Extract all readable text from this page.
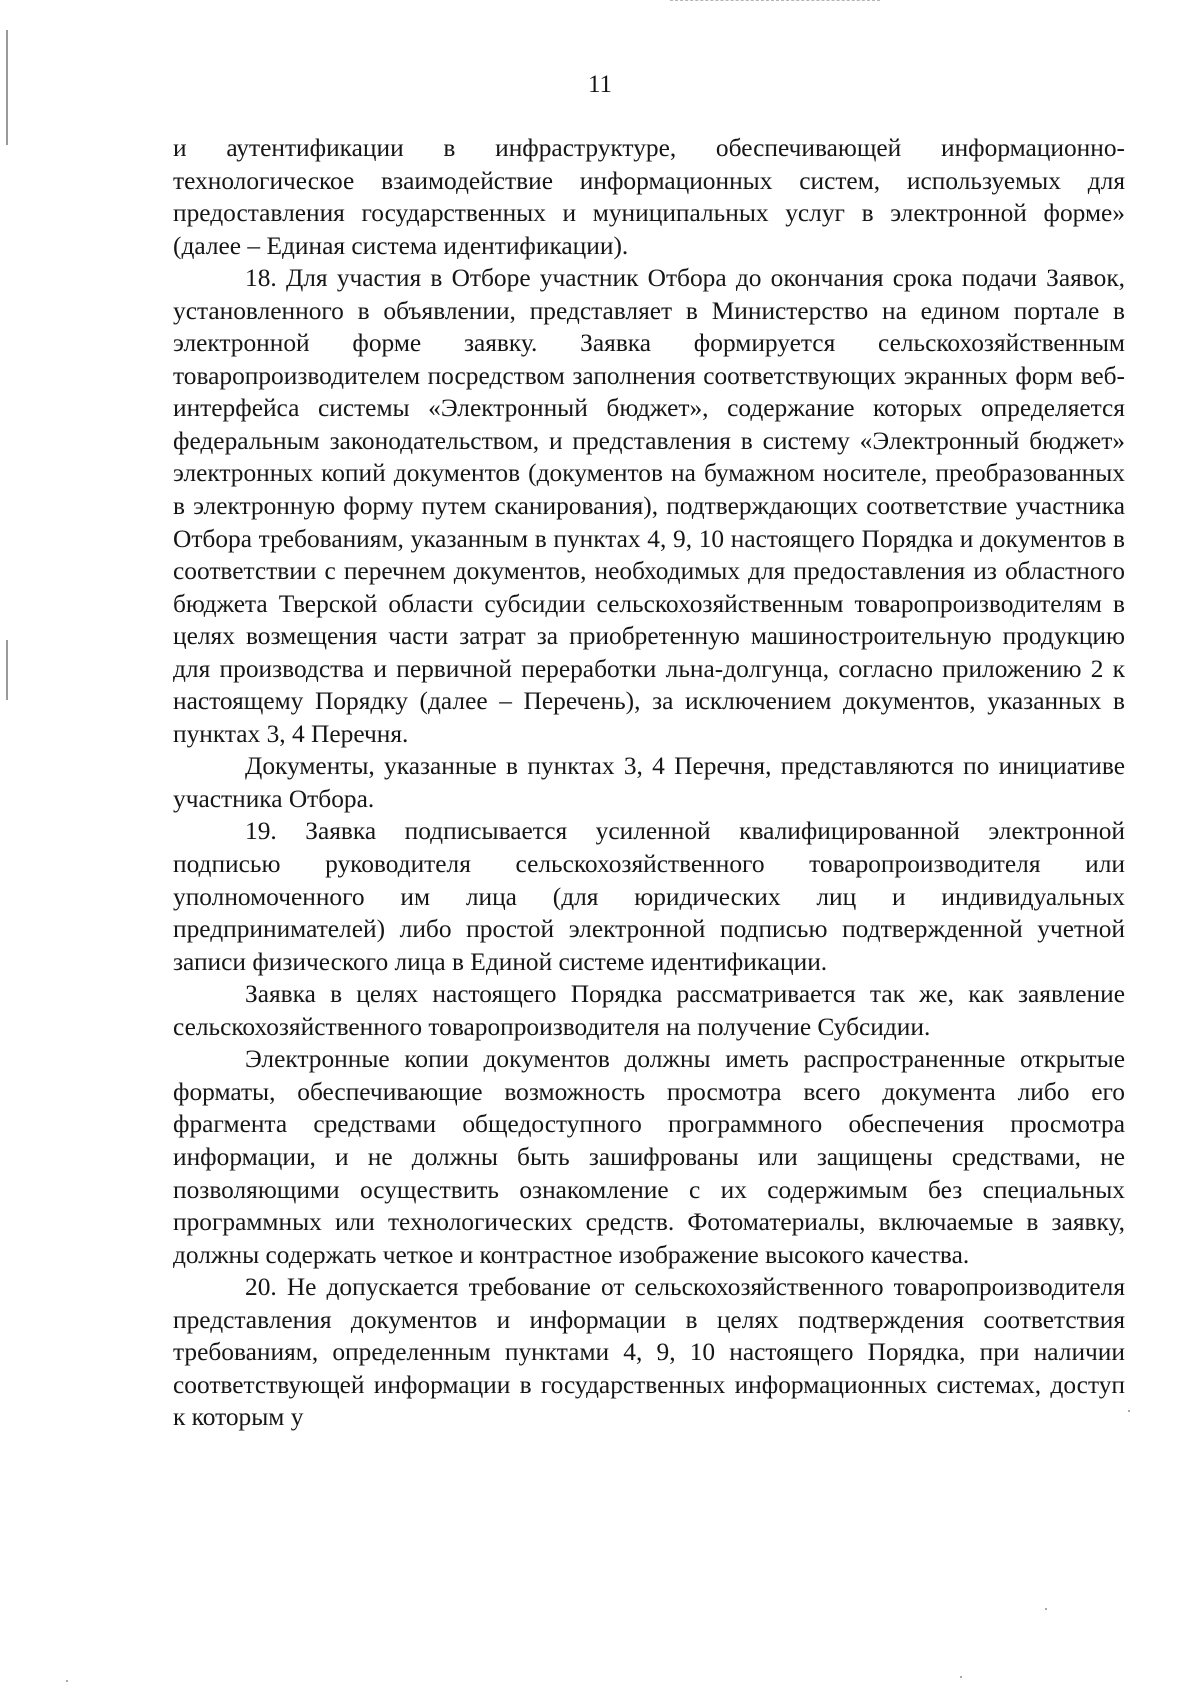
11

и аутентификации в инфраструктуре, обеспечивающей информационно-технологическое взаимодействие информационных систем, используемых для предоставления государственных и муниципальных услуг в электронной форме» (далее – Единая система идентификации).

18. Для участия в Отборе участник Отбора до окончания срока подачи Заявок, установленного в объявлении, представляет в Министерство на едином портале в электронной форме заявку. Заявка формируется сельскохозяйственным товаропроизводителем посредством заполнения соответствующих экранных форм веб-интерфейса системы «Электронный бюджет», содержание которых определяется федеральным законодательством, и представления в систему «Электронный бюджет» электронных копий документов (документов на бумажном носителе, преобразованных в электронную форму путем сканирования), подтверждающих соответствие участника Отбора требованиям, указанным в пунктах 4, 9, 10 настоящего Порядка и документов в соответствии с перечнем документов, необходимых для предоставления из областного бюджета Тверской области субсидии сельскохозяйственным товаропроизводителям в целях возмещения части затрат за приобретенную машиностроительную продукцию для производства и первичной переработки льна-долгунца, согласно приложению 2 к настоящему Порядку (далее – Перечень), за исключением документов, указанных в пунктах 3, 4 Перечня.

Документы, указанные в пунктах 3, 4 Перечня, представляются по инициативе участника Отбора.

19. Заявка подписывается усиленной квалифицированной электронной подписью руководителя сельскохозяйственного товаропроизводителя или уполномоченного им лица (для юридических лиц и индивидуальных предпринимателей) либо простой электронной подписью подтвержденной учетной записи физического лица в Единой системе идентификации.

Заявка в целях настоящего Порядка рассматривается так же, как заявление сельскохозяйственного товаропроизводителя на получение Субсидии.

Электронные копии документов должны иметь распространенные открытые форматы, обеспечивающие возможность просмотра всего документа либо его фрагмента средствами общедоступного программного обеспечения просмотра информации, и не должны быть зашифрованы или защищены средствами, не позволяющими осуществить ознакомление с их содержимым без специальных программных или технологических средств. Фотоматериалы, включаемые в заявку, должны содержать четкое и контрастное изображение высокого качества.

20. Не допускается требование от сельскохозяйственного товаропроизводителя представления документов и информации в целях подтверждения соответствия требованиям, определенным пунктами 4, 9, 10 настоящего Порядка, при наличии соответствующей информации в государственных информационных системах, доступ к которым у
